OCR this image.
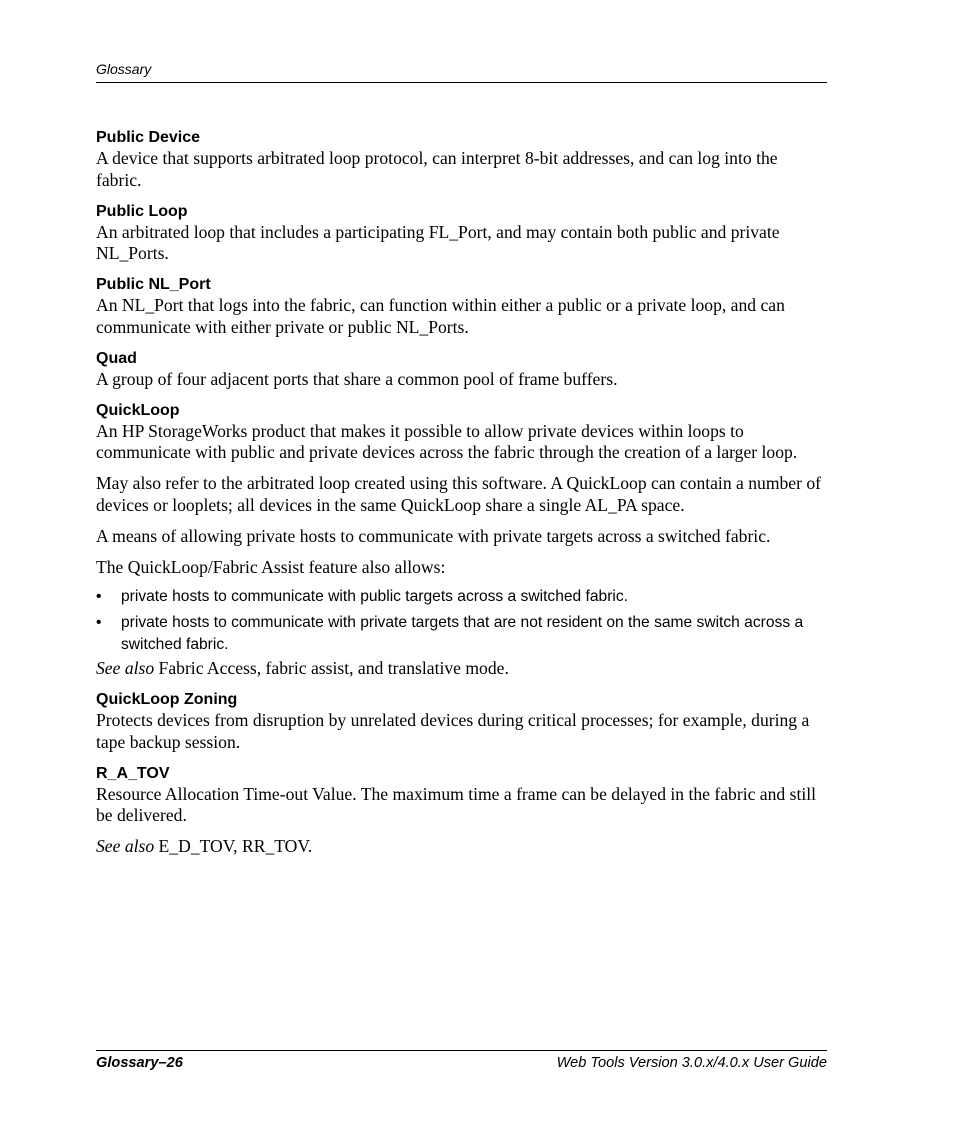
Glossary

Public Device

A device that supports arbitrated loop protocol, can interpret 8-bit addresses, and can log into the fabric.

Public Loop

An arbitrated loop that includes a participating FL_Port, and may contain both public and private NL_Ports.

Public NL_Port

An NL_Port that logs into the fabric, can function within either a public or a private loop, and can communicate with either private or public NL_Ports.

Quad

A group of four adjacent ports that share a common pool of frame buffers.

QuickLoop

An HP StorageWorks product that makes it possible to allow private devices within loops to communicate with public and private devices across the fabric through the creation of a larger loop.

May also refer to the arbitrated loop created using this software. A QuickLoop can contain a number of devices or looplets; all devices in the same QuickLoop share a single AL_PA space.

A means of allowing private hosts to communicate with private targets across a switched fabric.

The QuickLoop/Fabric Assist feature also allows:

• private hosts to communicate with public targets across a switched fabric.
• private hosts to communicate with private targets that are not resident on the same switch across a switched fabric.

See also Fabric Access, fabric assist, and translative mode.

QuickLoop Zoning

Protects devices from disruption by unrelated devices during critical processes; for example, during a tape backup session.

R_A_TOV

Resource Allocation Time-out Value. The maximum time a frame can be delayed in the fabric and still be delivered.

See also E_D_TOV, RR_TOV.

Glossary–26	Web Tools Version 3.0.x/4.0.x User Guide
